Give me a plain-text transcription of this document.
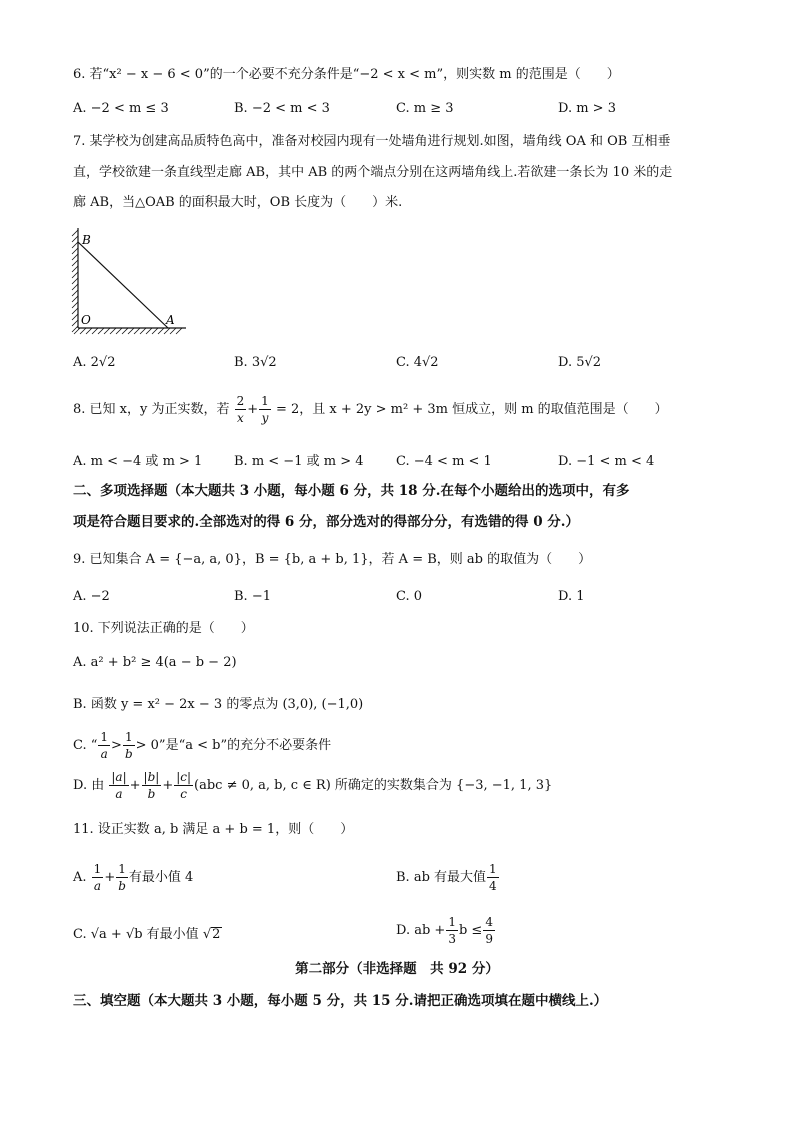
6. 若“x² − x − 6 < 0”的一个必要不充分条件是“−2 < x < m”，则实数 m 的范围是（　　）
A. −2 < m ≤ 3	B. −2 < m < 3	C. m ≥ 3	D. m > 3
7. 某学校为创建高品质特色高中，准备对校园内现有一处墙角进行规划.如图，墙角线 OA 和 OB 互相垂
直，学校欲建一条直线型走廊 AB，其中 AB 的两个端点分别在这两墙角线上.若欲建一条长为 10 米的走
廊 AB，当△OAB 的面积最大时，OB 长度为（　　）米.
B
O	A
A. 2√2	B. 3√2	C. 4√2	D. 5√2
8. 已知 x，y 为正实数，若 $\frac{2}{x} + \frac{1}{y} = 2$，且 x + 2y > m² + 3m 恒成立，则 m 的取值范围是（　　）
A. m < −4 或 m > 1 B. m < −1 或 m > 4	C. −4 < m < 1	D. −1 < m < 4
二、多项选择题（本大题共 3 小题，每小题 6 分，共 18 分.在每个小题给出的选项中，有多
项是符合题目要求的.全部选对的得 6 分，部分选对的得部分分，有选错的得 0 分.）
9. 已知集合 A = {−a, a, 0}，B = {b, a + b, 1}，若 A = B，则 ab 的取值为（　　）
A. −2	B. −1	C. 0	D. 1
10. 下列说法正确的是（　　）
A. a² + b² ≥ 4(a − b − 2)
B. 函数 y = x² − 2x − 3 的零点为 (3,0), (−1,0)
C. “ $\frac{1}{a} > \frac{1}{b} > 0$”是“a < b”的充分不必要条件
D. 由 $\frac{|a|}{a} + \frac{|b|}{b} + \frac{|c|}{c} (abc \ne 0$, a, b, c ∈ R) 所确定的实数集合为 {−3, −1, 1, 3}
11. 设正实数 a, b 满足 a + b = 1，则（　　）
A. $\frac{1}{a} + \frac{1}{b}$ 有最小值 4	B. ab 有最大值 $\frac{1}{4}$
C. √a + √b 有最小值 √2	D. ab + $\frac{1}{3}$ $b \le \frac{4}{9}$
第二部分（非选择题　共 92 分）
三、填空题（本大题共 3 小题，每小题 5 分，共 15 分.请把正确选项填在题中横线上.）
